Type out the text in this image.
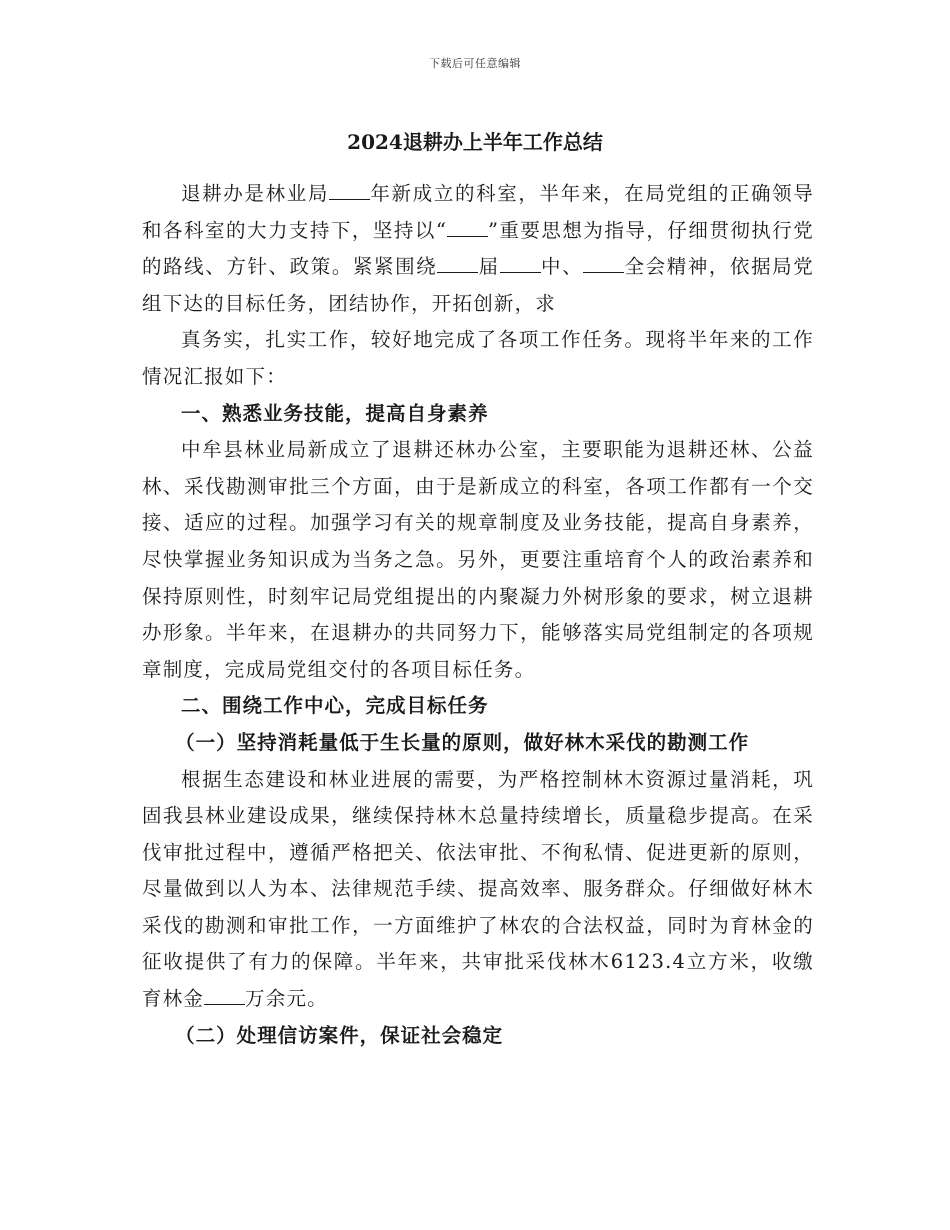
下载后可任意编辑
2024退耕办上半年工作总结

退耕办是林业局 年新成立的科室，半年来，在局党组的正确领导和各科室的大力支持下，坚持以“ ”重要思想为指导，仔细贯彻执行党的路线、方针、政策。紧紧围绕 届 中、 全会精神，依据局党组下达的目标任务，团结协作，开拓创新，求

真务实，扎实工作，较好地完成了各项工作任务。现将半年来的工作情况汇报如下：

一、熟悉业务技能，提高自身素养

中牟县林业局新成立了退耕还林办公室，主要职能为退耕还林、公益林、采伐勘测审批三个方面，由于是新成立的科室，各项工作都有一个交接、适应的过程。加强学习有关的规章制度及业务技能，提高自身素养，尽快掌握业务知识成为当务之急。另外，更要注重培育个人的政治素养和保持原则性，时刻牢记局党组提出的内聚凝力外树形象的要求，树立退耕办形象。半年来，在退耕办的共同努力下，能够落实局党组制定的各项规章制度，完成局党组交付的各项目标任务。

二、围绕工作中心，完成目标任务

（一）坚持消耗量低于生长量的原则，做好林木采伐的勘测工作

根据生态建设和林业进展的需要，为严格控制林木资源过量消耗，巩固我县林业建设成果，继续保持林木总量持续增长，质量稳步提高。在采伐审批过程中，遵循严格把关、依法审批、不徇私情、促进更新的原则，尽量做到以人为本、法律规范手续、提高效率、服务群众。仔细做好林木采伐的勘测和审批工作，一方面维护了林农的合法权益，同时为育林金的征收提供了有力的保障。半年来，共审批采伐林木6123.4立方米，收缴育林金 万余元。

（二）处理信访案件，保证社会稳定
